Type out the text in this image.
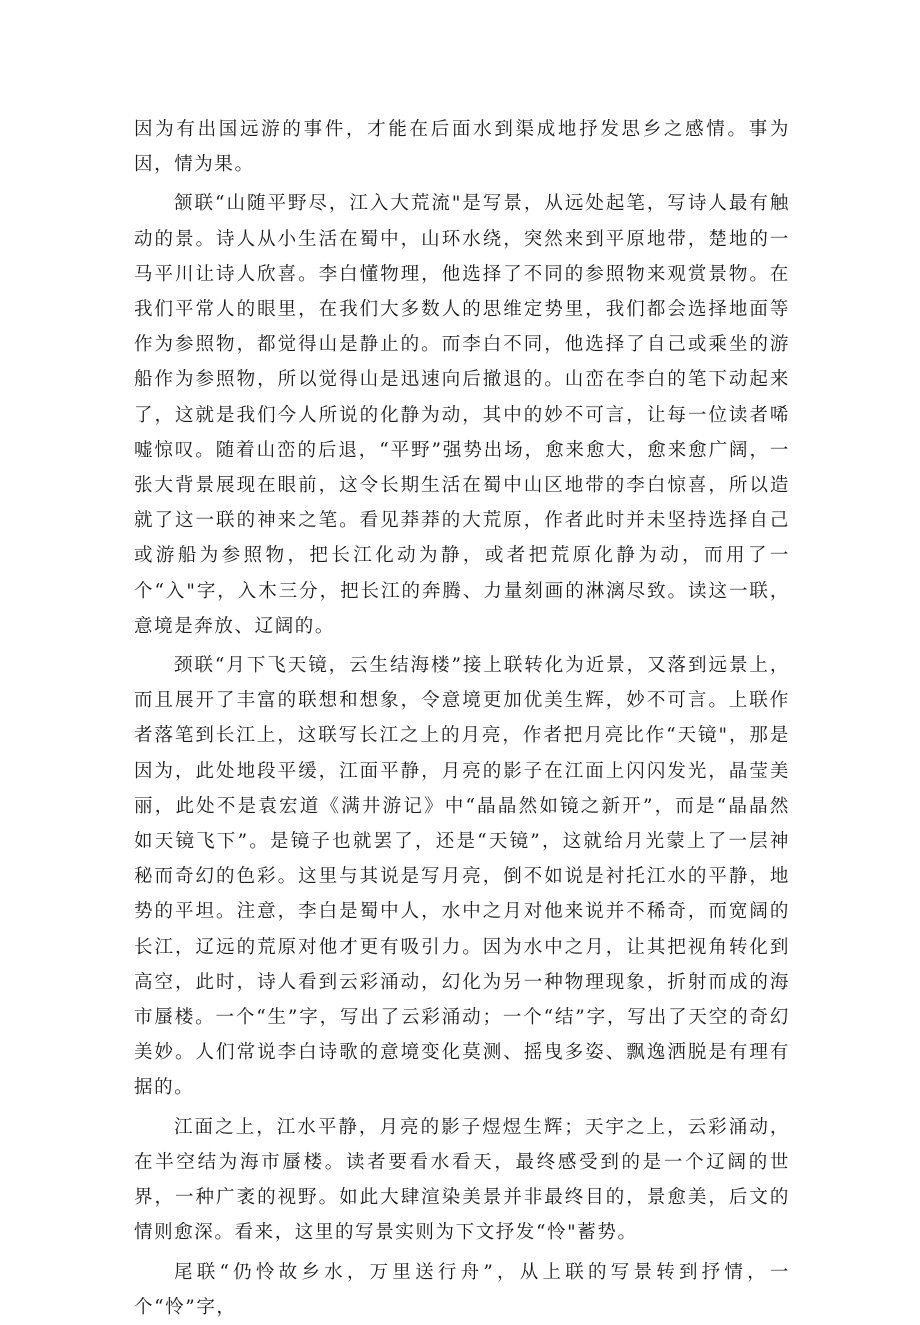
因为有出国远游的事件，才能在后面水到渠成地抒发思乡之感情。事为因，情为果。

颔联“山随平野尽，江入大荒流"是写景，从远处起笔，写诗人最有触动的景。诗人从小生活在蜀中，山环水绕，突然来到平原地带，楚地的一马平川让诗人欣喜。李白懂物理，他选择了不同的参照物来观赏景物。在我们平常人的眼里，在我们大多数人的思维定势里，我们都会选择地面等作为参照物，都觉得山是静止的。而李白不同，他选择了自己或乘坐的游船作为参照物，所以觉得山是迅速向后撤退的。山峦在李白的笔下动起来了，这就是我们今人所说的化静为动，其中的妙不可言，让每一位读者唏嘘惊叹。随着山峦的后退，“平野”强势出场，愈来愈大，愈来愈广阔，一张大背景展现在眼前，这令长期生活在蜀中山区地带的李白惊喜，所以造就了这一联的神来之笔。看见莽莽的大荒原，作者此时并未坚持选择自己或游船为参照物，把长江化动为静，或者把荒原化静为动，而用了一个“入"字，入木三分，把长江的奔腾、力量刻画的淋漓尽致。读这一联，意境是奔放、辽阔的。

颈联“月下飞天镜，云生结海楼”接上联转化为近景，又落到远景上，而且展开了丰富的联想和想象，令意境更加优美生辉，妙不可言。上联作者落笔到长江上，这联写长江之上的月亮，作者把月亮比作“天镜"，那是因为，此处地段平缓，江面平静，月亮的影子在江面上闪闪发光，晶莹美丽，此处不是袁宏道《满井游记》中“晶晶然如镜之新开”，而是“晶晶然如天镜飞下”。是镜子也就罢了，还是“天镜”，这就给月光蒙上了一层神秘而奇幻的色彩。这里与其说是写月亮，倒不如说是衬托江水的平静，地势的平坦。注意，李白是蜀中人，水中之月对他来说并不稀奇，而宽阔的长江，辽远的荒原对他才更有吸引力。因为水中之月，让其把视角转化到高空，此时，诗人看到云彩涌动，幻化为另一种物理现象，折射而成的海市蜃楼。一个“生”字，写出了云彩涌动；一个“结”字，写出了天空的奇幻美妙。人们常说李白诗歌的意境变化莫测、摇曳多姿、飘逸洒脱是有理有据的。

江面之上，江水平静，月亮的影子煜煜生辉；天宇之上，云彩涌动，在半空结为海市蜃楼。读者要看水看天，最终感受到的是一个辽阔的世界，一种广袤的视野。如此大肆渲染美景并非最终目的，景愈美，后文的情则愈深。看来，这里的写景实则为下文抒发“怜"蓄势。

尾联“仍怜故乡水，万里送行舟”，从上联的写景转到抒情，一个“怜”字，
